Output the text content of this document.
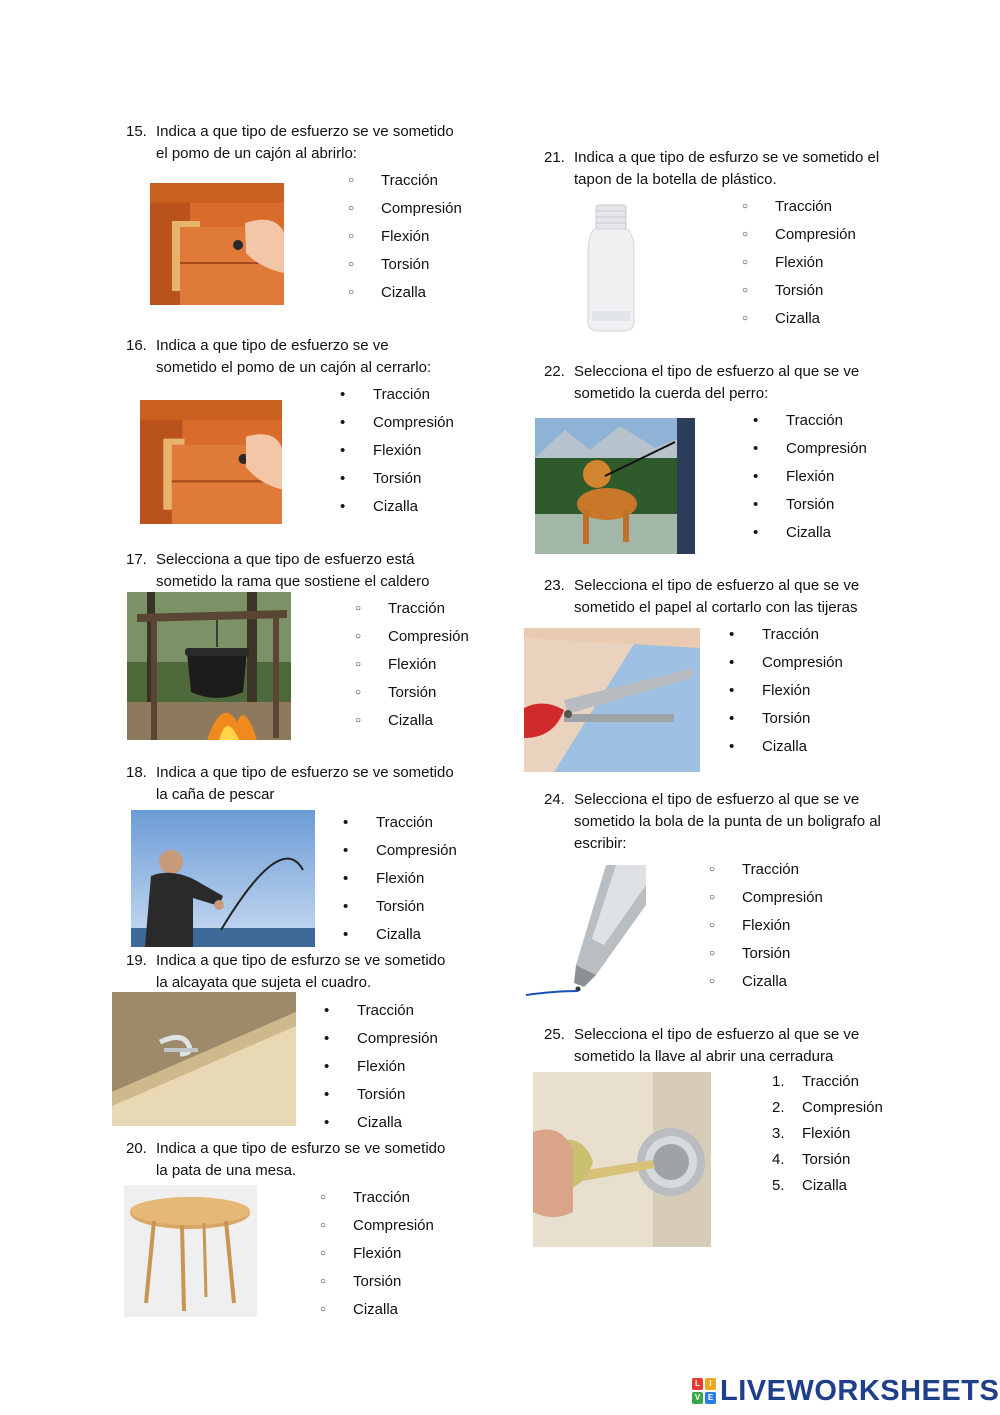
15. Indica a que tipo de esfuerzo se ve sometido
el pomo de un cajón al abrirlo:
○
Tracción
○
Compresión
○
Flexión
○
Torsión
○
Cizalla
16. Indica a que tipo de esfuerzo se ve
sometido el pomo de un cajón al cerrarlo:
•
Tracción
•
Compresión
•
Flexión
•
Torsión
•
Cizalla
17. Selecciona a que tipo de esfuerzo está
sometido la rama que sostiene el caldero
○
Tracción
○
Compresión
○
Flexión
○
Torsión
○
Cizalla
18. Indica a que tipo de esfuerzo se ve sometido
la caña de pescar
•
Tracción
•
Compresión
•
Flexión
•
Torsión
•
Cizalla
19. Indica a que tipo de esfurzo se ve sometido
la alcayata que sujeta el cuadro.
•
Tracción
•
Compresión
•
Flexión
•
Torsión
•
Cizalla
20. Indica a que tipo de esfurzo se ve sometido
la pata de una mesa.
○
Tracción
○
Compresión
○
Flexión
○
Torsión
○
Cizalla
21. Indica a que tipo de esfurzo se ve sometido el
tapon de la botella de plástico.
○
Tracción
○
Compresión
○
Flexión
○
Torsión
○
Cizalla
22. Selecciona el tipo de esfuerzo al que se ve
sometido la cuerda del perro:
•
Tracción
•
Compresión
•
Flexión
•
Torsión
•
Cizalla
23. Selecciona el tipo de esfuerzo al que se ve
sometido el papel al cortarlo con las tijeras
•
Tracción
•
Compresión
•
Flexión
•
Torsión
•
Cizalla
24. Selecciona el tipo de esfuerzo al que se ve
sometido la bola de la punta de un boligrafo al
escribir:
○
Tracción
○
Compresión
○
Flexión
○
Torsión
○
Cizalla
25. Selecciona el tipo de esfuerzo al que se ve
sometido la llave al abrir una cerradura
1.	Tracción
2.	Compresión
3.	Flexión
4.	Torsión
5.	Cizalla
L	I
V E LIVEWORKSHEETS
